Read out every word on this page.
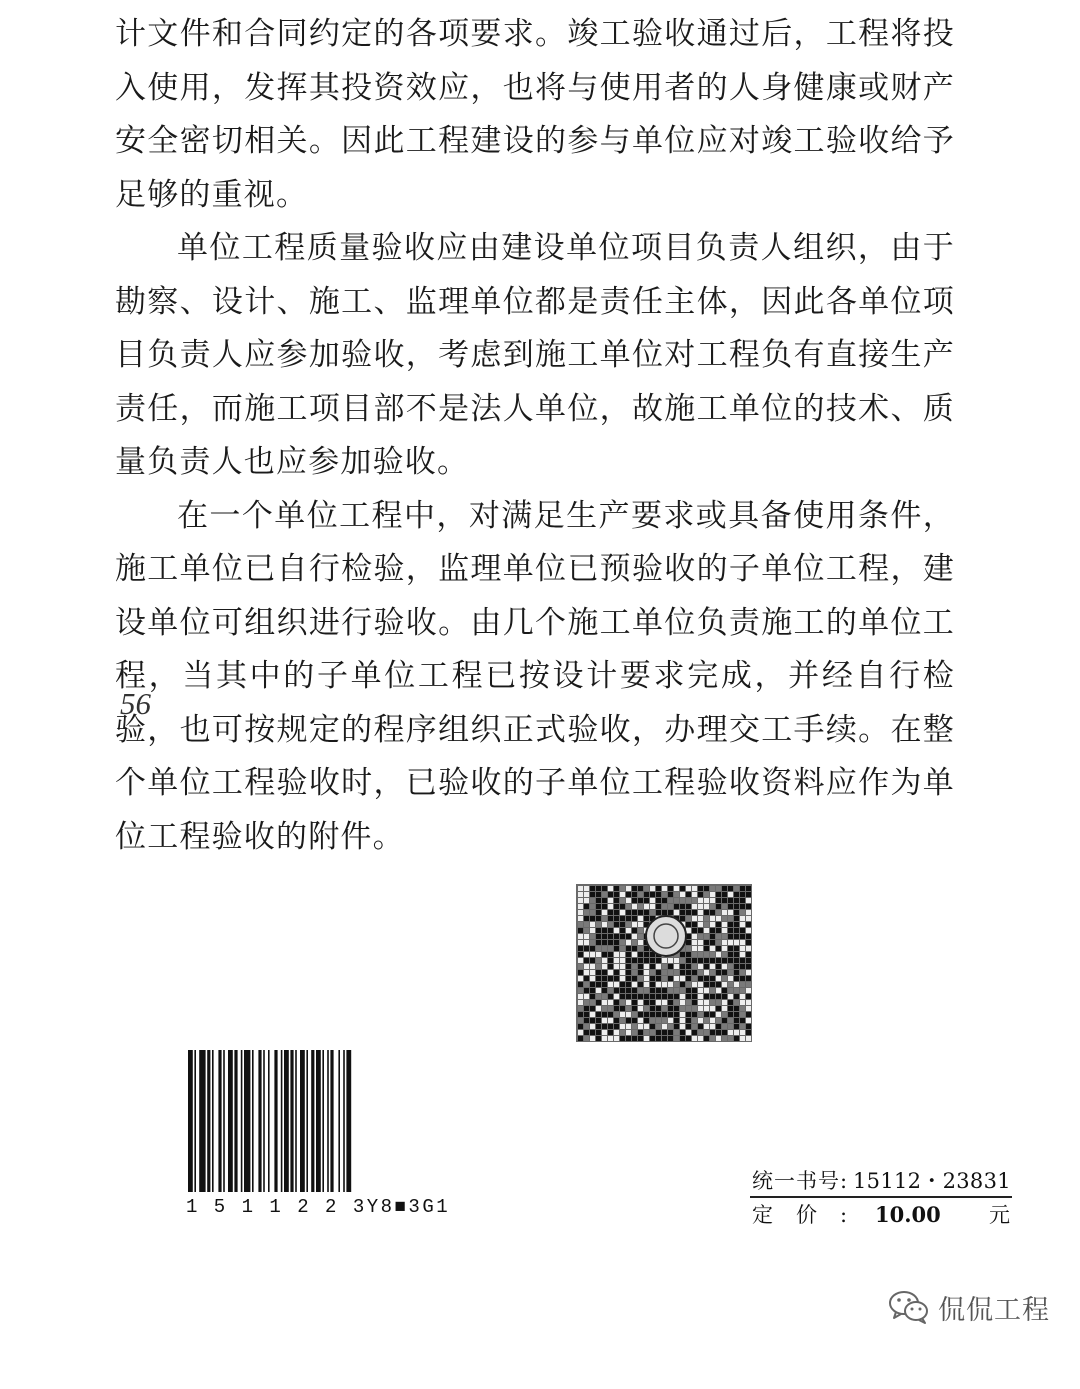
计文件和合同约定的各项要求。竣工验收通过后，工程将投入使用，发挥其投资效应，也将与使用者的人身健康或财产安全密切相关。因此工程建设的参与单位应对竣工验收给予足够的重视。

单位工程质量验收应由建设单位项目负责人组织，由于勘察、设计、施工、监理单位都是责任主体，因此各单位项目负责人应参加验收，考虑到施工单位对工程负有直接生产责任，而施工项目部不是法人单位，故施工单位的技术、质量负责人也应参加验收。

在一个单位工程中，对满足生产要求或具备使用条件，施工单位已自行检验，监理单位已预验收的子单位工程，建设单位可组织进行验收。由几个施工单位负责施工的单位工程，当其中的子单位工程已按设计要求完成，并经自行检验，也可按规定的程序组织正式验收，办理交工手续。在整个单位工程验收时，已验收的子单位工程验收资料应作为单位工程验收的附件。

56
1 5 1 1 2 2 3Y8■3G1
统一书号: 15112・23831
定价: 10.00 元
侃侃工程
